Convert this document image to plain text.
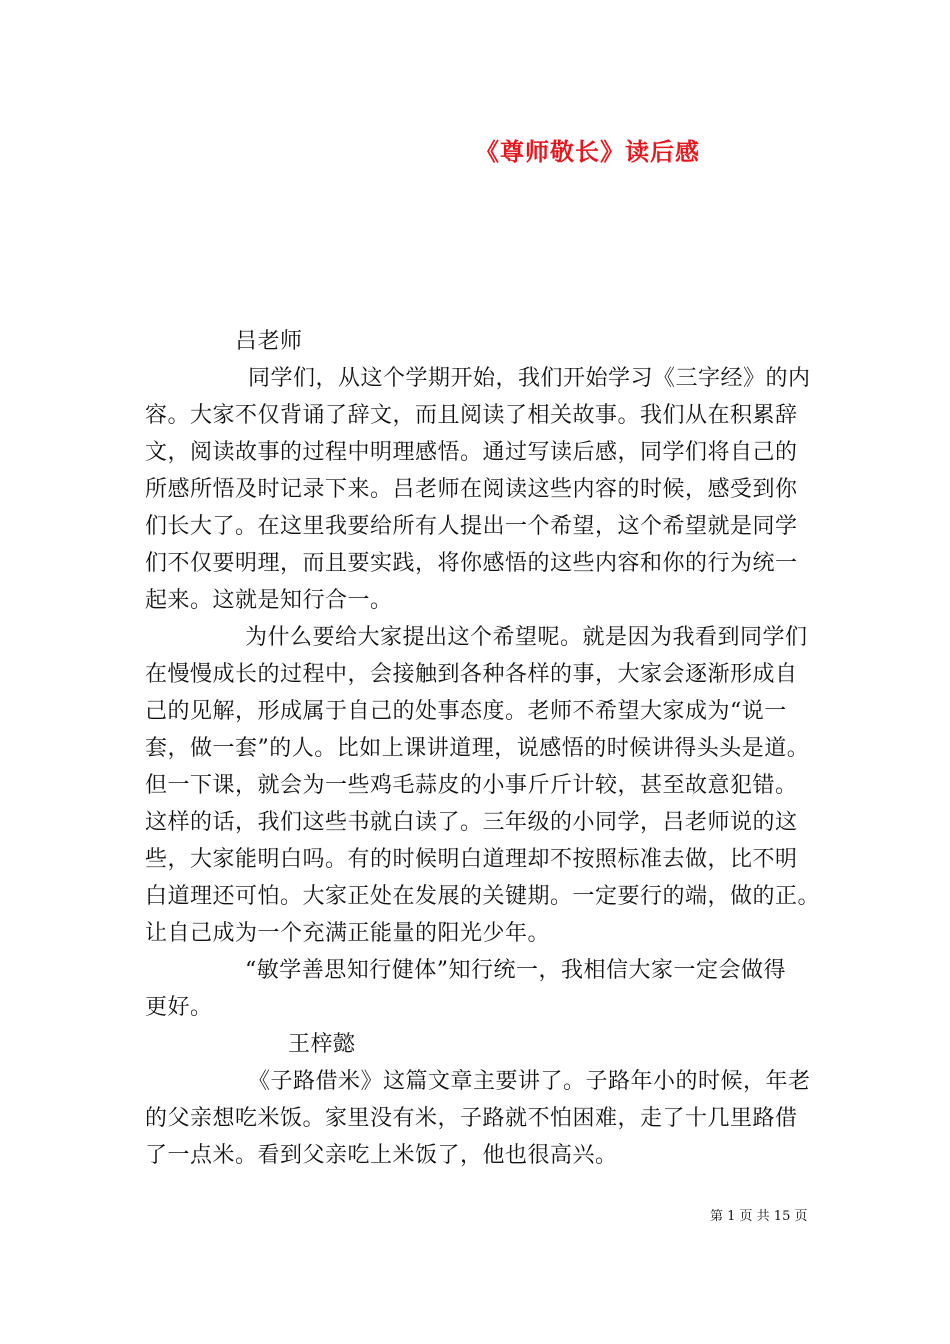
《尊师敬长》读后感
吕老师
同学们，从这个学期开始，我们开始学习《三字经》的内
容。大家不仅背诵了辞文，而且阅读了相关故事。我们从在积累辞
文，阅读故事的过程中明理感悟。通过写读后感，同学们将自己的
所感所悟及时记录下来。吕老师在阅读这些内容的时候，感受到你
们长大了。在这里我要给所有人提出一个希望，这个希望就是同学
们不仅要明理，而且要实践，将你感悟的这些内容和你的行为统一
起来。这就是知行合一。
为什么要给大家提出这个希望呢。就是因为我看到同学们
在慢慢成长的过程中，会接触到各种各样的事，大家会逐渐形成自
己的见解，形成属于自己的处事态度。老师不希望大家成为“说一
套，做一套”的人。比如上课讲道理，说感悟的时候讲得头头是道。
但一下课，就会为一些鸡毛蒜皮的小事斤斤计较，甚至故意犯错。
这样的话，我们这些书就白读了。三年级的小同学，吕老师说的这
些，大家能明白吗。有的时候明白道理却不按照标准去做，比不明
白道理还可怕。大家正处在发展的关键期。一定要行的端，做的正。
让自己成为一个充满正能量的阳光少年。
“敏学善思知行健体”知行统一，我相信大家一定会做得
更好。
王梓懿
《子路借米》这篇文章主要讲了。子路年小的时候，年老
的父亲想吃米饭。家里没有米，子路就不怕困难，走了十几里路借
了一点米。看到父亲吃上米饭了，他也很高兴。
第 1 页 共 15 页
